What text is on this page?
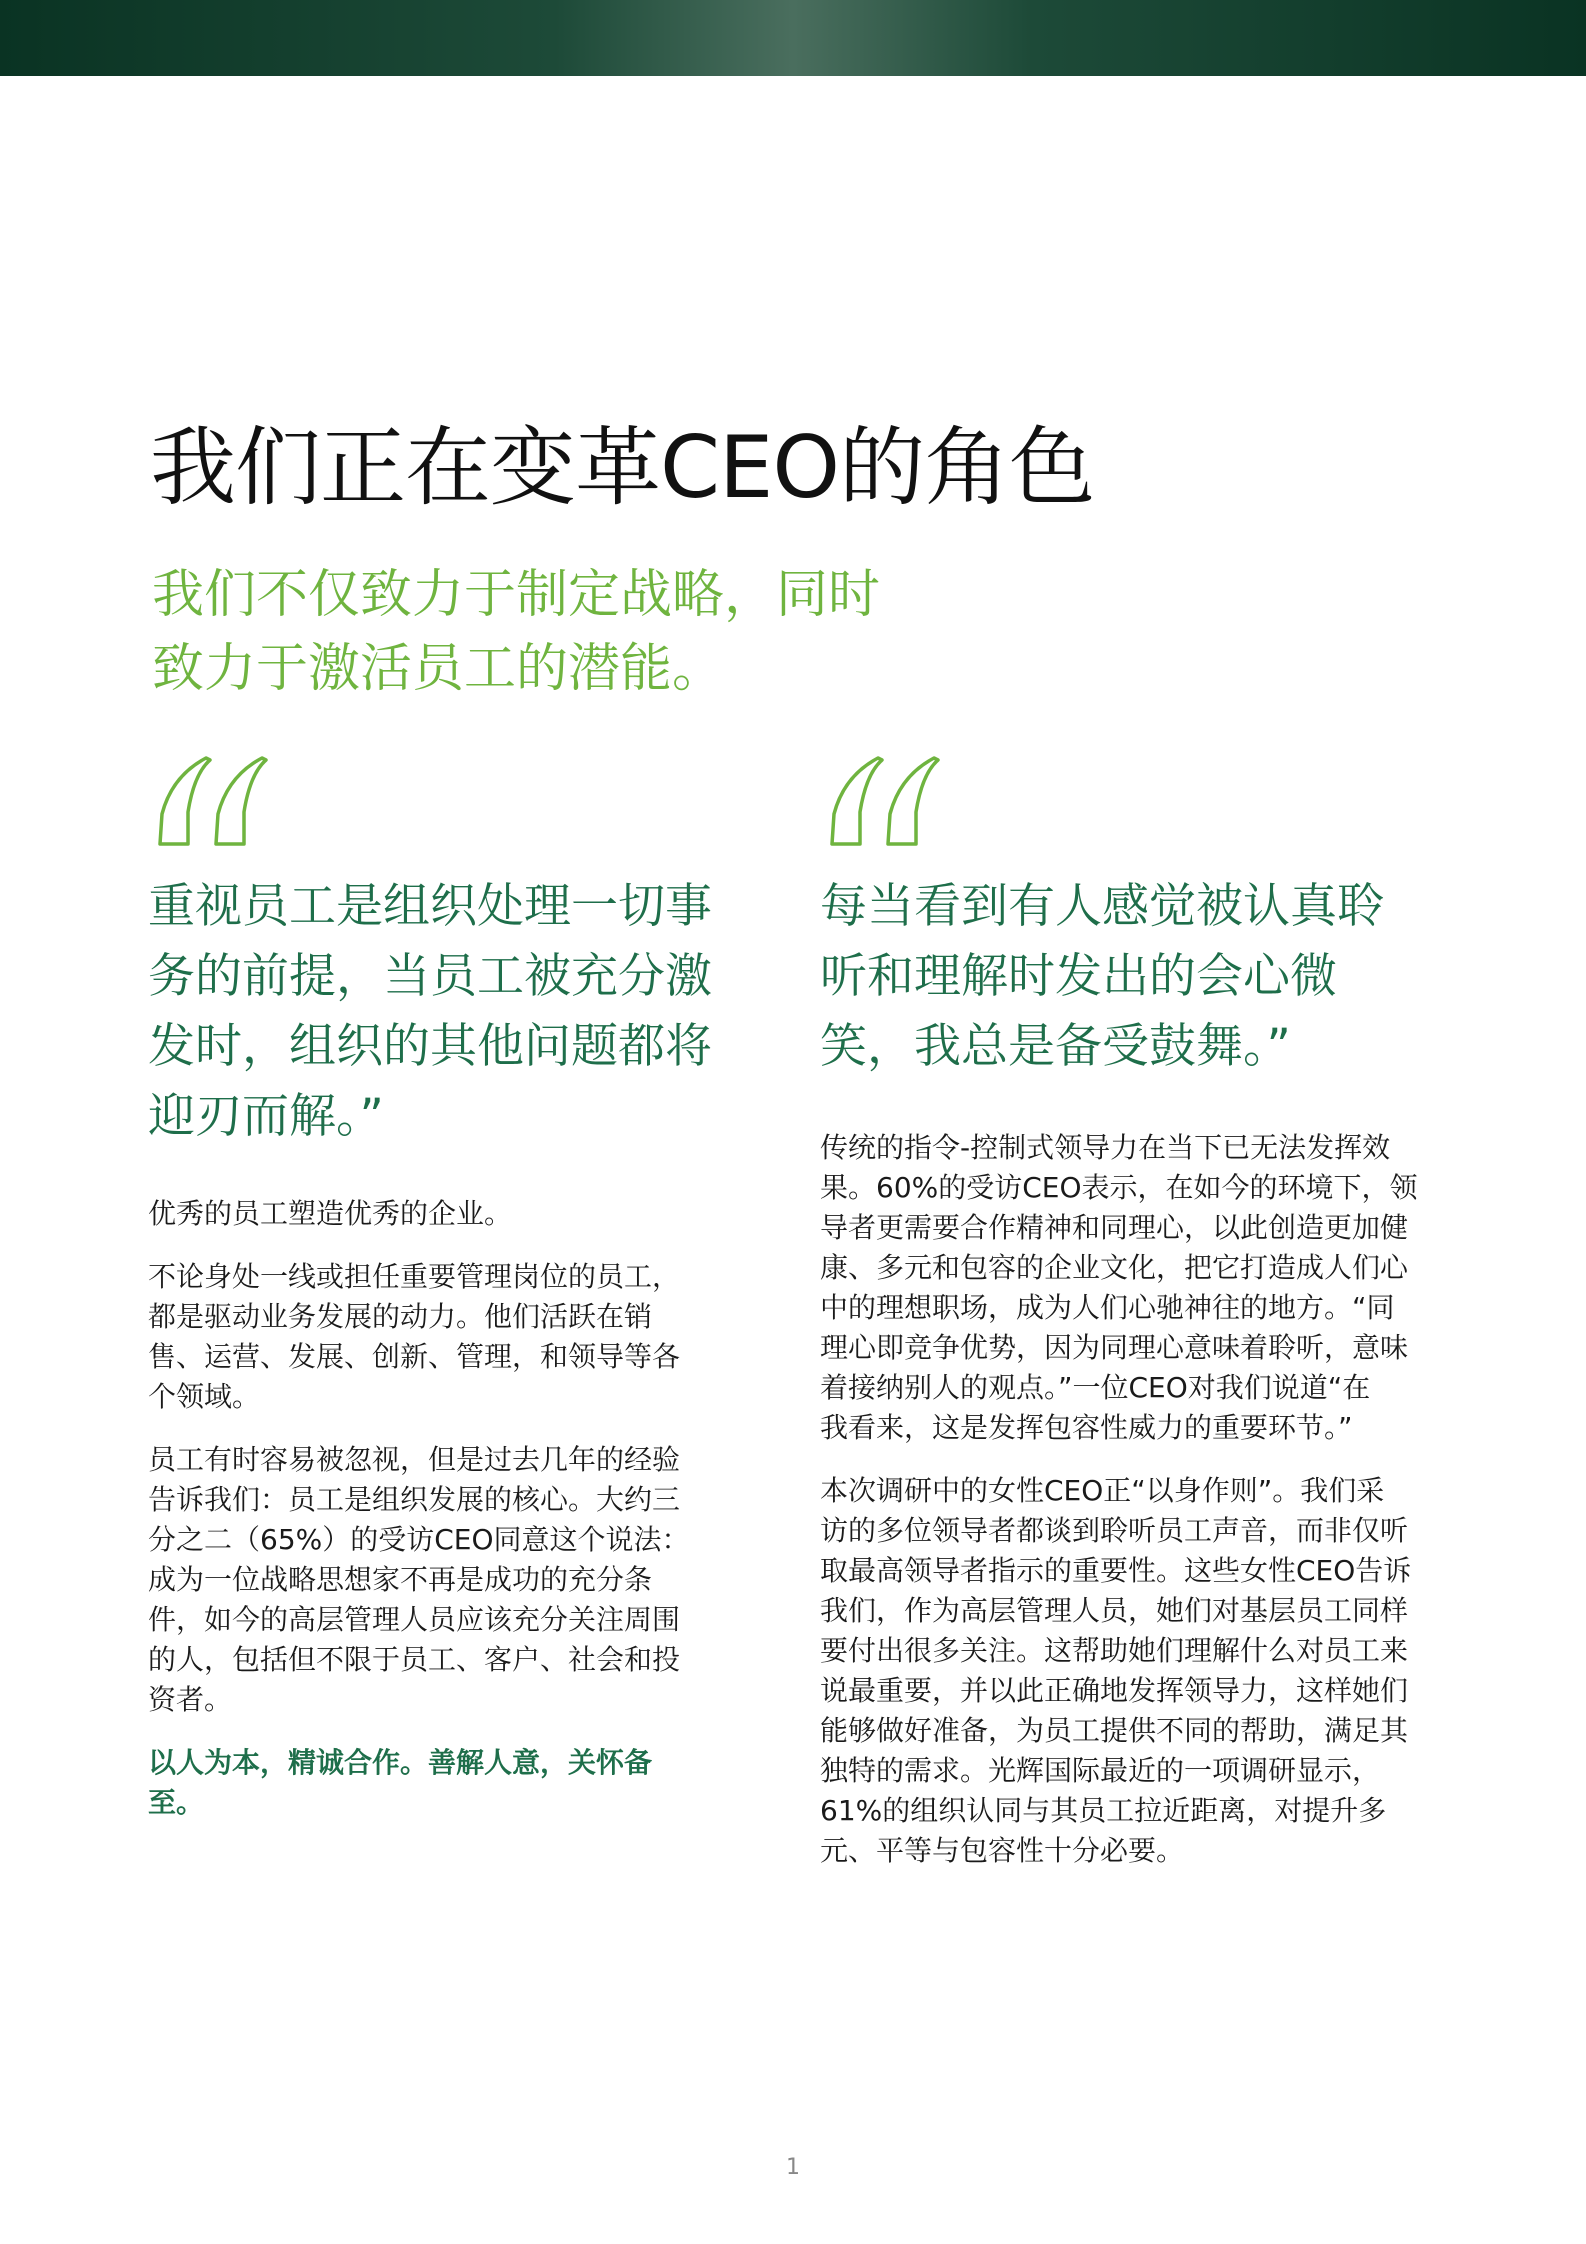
我们正在变革CEO的角色
我们不仅致力于制定战略，同时
致力于激活员工的潜能。

重视员工是组织处理一切事
务的前提，当员工被充分激
发时，组织的其他问题都将
迎刃而解。”

优秀的员工塑造优秀的企业。

不论身处一线或担任重要管理岗位的员工，
都是驱动业务发展的动力。他们活跃在销
售、运营、发展、创新、管理，和领导等各
个领域。

员工有时容易被忽视，但是过去几年的经验
告诉我们：员工是组织发展的核心。大约三
分之二（65%）的受访CEO同意这个说法：
成为一位战略思想家不再是成功的充分条
件，如今的高层管理人员应该充分关注周围
的人，包括但不限于员工、客户、社会和投
资者。

以人为本，精诚合作。善解人意，关怀备
至。

每当看到有人感觉被认真聆
听和理解时发出的会心微
笑，我总是备受鼓舞。”

传统的指令-控制式领导力在当下已无法发挥效
果。60%的受访CEO表示，在如今的环境下，领
导者更需要合作精神和同理心，以此创造更加健
康、多元和包容的企业文化，把它打造成人们心
中的理想职场，成为人们心驰神往的地方。“同
理心即竞争优势，因为同理心意味着聆听，意味
着接纳别人的观点。”一位CEO对我们说道“在
我看来，这是发挥包容性威力的重要环节。”

本次调研中的女性CEO正“以身作则”。我们采
访的多位领导者都谈到聆听员工声音，而非仅听
取最高领导者指示的重要性。这些女性CEO告诉
我们，作为高层管理人员，她们对基层员工同样
要付出很多关注。这帮助她们理解什么对员工来
说最重要，并以此正确地发挥领导力，这样她们
能够做好准备，为员工提供不同的帮助，满足其
独特的需求。光辉国际最近的一项调研显示，
61%的组织认同与其员工拉近距离，对提升多
元、平等与包容性十分必要。

1
